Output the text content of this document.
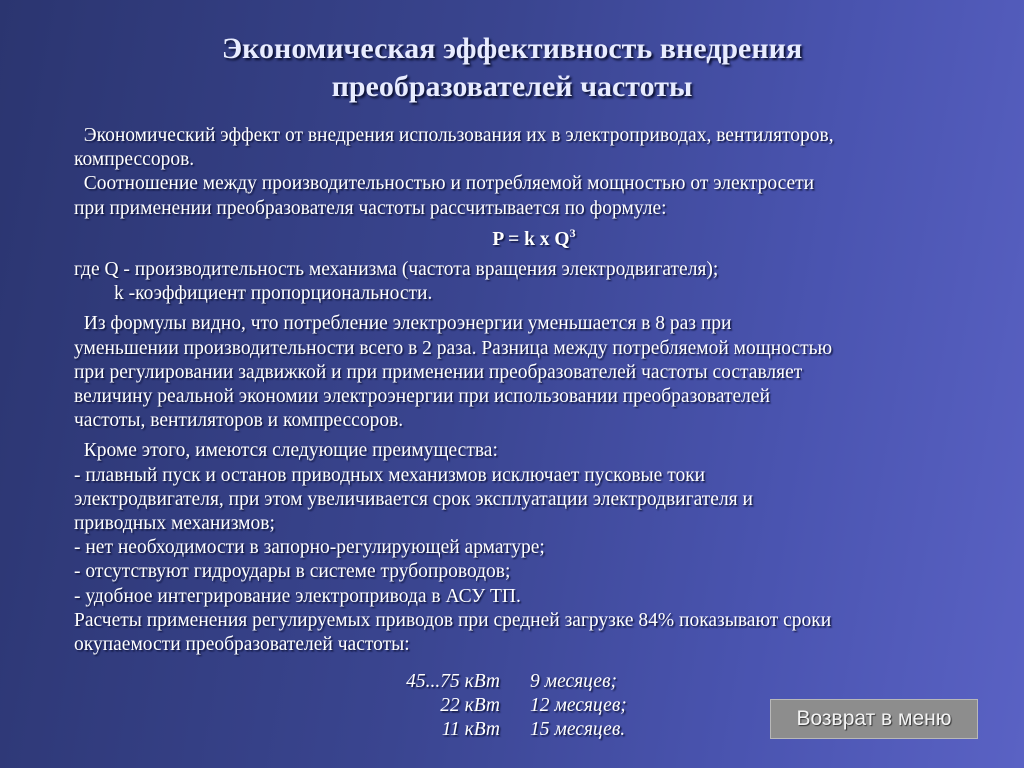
Экономическая эффективность внедрения
преобразователей частоты
Экономический эффект от внедрения использования их в электроприводах, вентиляторов,
компрессоров.
Соотношение между производительностью и потребляемой мощностью от электросети
при применении преобразователя частоты рассчитывается по формуле:
P = k x $Q^3$
где Q - производительность механизма (частота вращения электродвигателя);
k -коэффициент пропорциональности.
Из формулы видно, что потребление электроэнергии уменьшается в 8 раз при
уменьшении производительности всего в 2 раза. Разница между потребляемой мощностью
при регулировании задвижкой и при применении преобразователей частоты составляет
величину реальной экономии электроэнергии при использовании преобразователей
частоты, вентиляторов и компрессоров.
Кроме этого, имеются следующие преимущества:
- плавный пуск и останов приводных механизмов исключает пусковые токи
электродвигателя, при этом увеличивается срок эксплуатации электродвигателя и
приводных механизмов;
- нет необходимости в запорно-регулирующей арматуре;
- отсутствуют гидроудары в системе трубопроводов;
- удобное интегрирование электропривода в АСУ ТП.
Расчеты применения регулируемых приводов при средней загрузке 84% показывают сроки
окупаемости преобразователей частоты:
45...75 кВт 9 месяцев;
22 кВт 12 месяцев;
11 кВт 15 месяцев.	Возврат в меню
